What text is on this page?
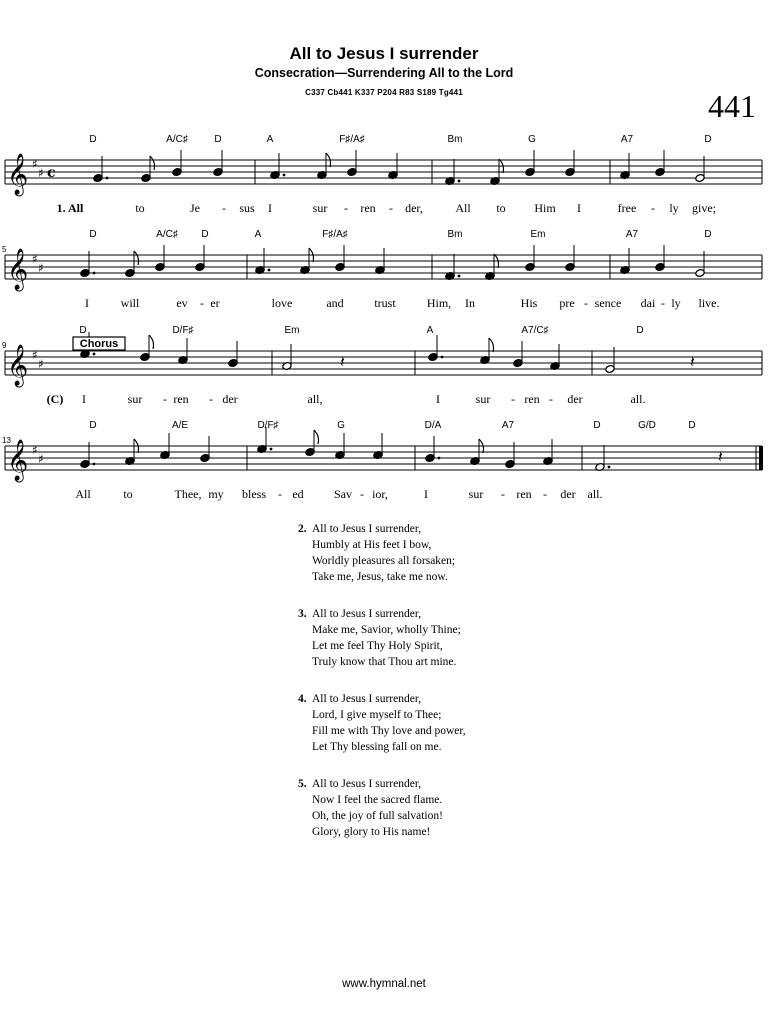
All to Jesus I surrender
Consecration—Surrendering All to the Lord
C337 Cb441 K337 P204 R83 S189 Tg441	441
𝄞 ♯
♯ c
D	A/C♯	D	A	F♯/A♯	Bm	G	A7	D
1. All	to	Je - sus I	sur - ren - der,	All to Him I	free - ly give;
𝄞 ♯
♯
5
D	A/C♯ D	A	F♯/A♯	Bm	Em	A7	D
I	will	ev - er	love	and	trust	Him, In	His pre - sence dai - ly live.
𝄞 ♯
♯
9
𝄽	𝄽
D	D/F♯	Em	A	A7/C♯	D
(C) I	sur - ren - der	all,	I	sur - ren - der	all.
𝄞 ♯
♯
13
𝄽
D	A/E	D/F♯	G	D/A	A7	D	G/D	D
All	to	Thee, my bless - ed	Sav - ior,	I	sur - ren - der all.
Chorus
2. All to Jesus I surrender,
Humbly at His feet I bow,
Worldly pleasures all forsaken;
Take me, Jesus, take me now.
3. All to Jesus I surrender,
Make me, Savior, wholly Thine;
Let me feel Thy Holy Spirit,
Truly know that Thou art mine.
4. All to Jesus I surrender,
Lord, I give myself to Thee;
Fill me with Thy love and power,
Let Thy blessing fall on me.
5. All to Jesus I surrender,
Now I feel the sacred flame.
Oh, the joy of full salvation!
Glory, glory to His name!
www.hymnal.net
